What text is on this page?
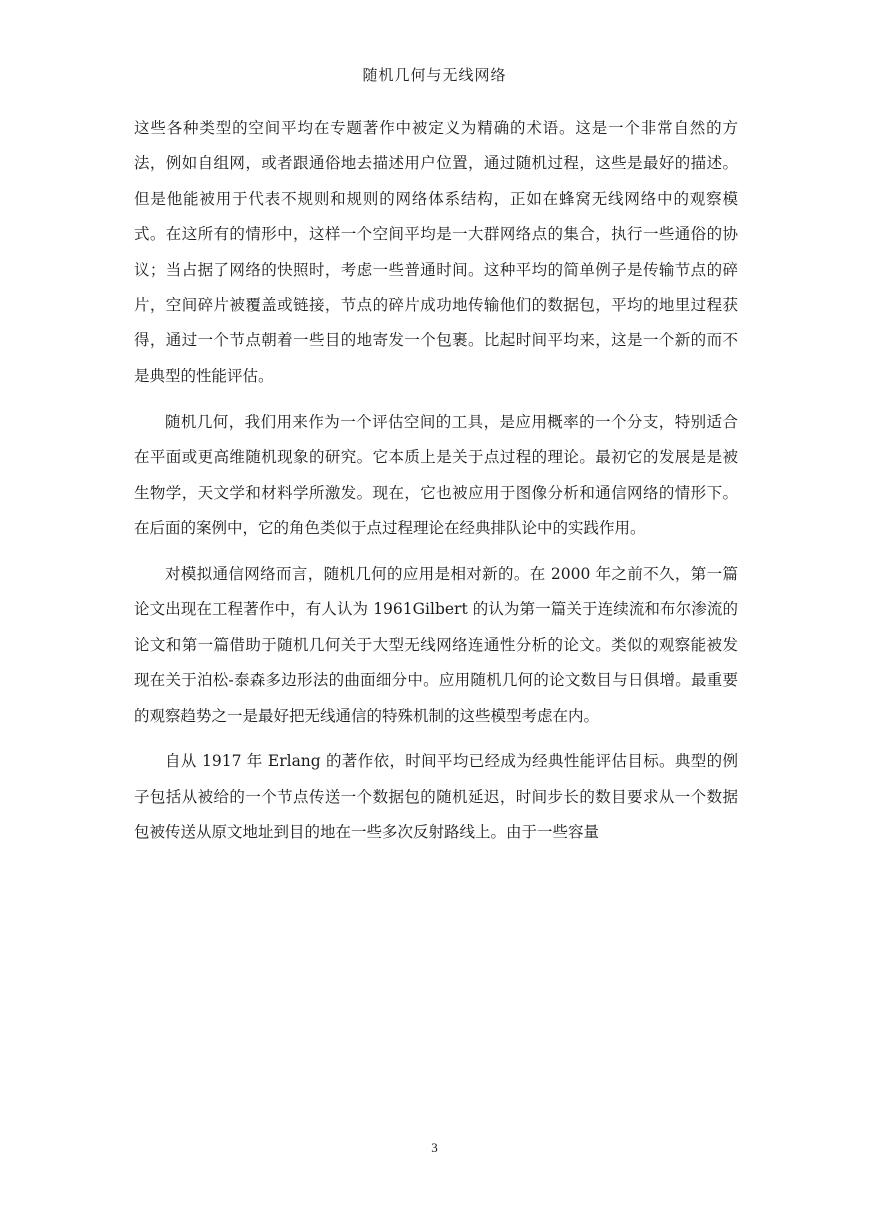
随机几何与无线网络

这些各种类型的空间平均在专题著作中被定义为精确的术语。这是一个非常自然的方法，例如自组网，或者跟通俗地去描述用户位置，通过随机过程，这些是最好的描述。但是他能被用于代表不规则和规则的网络体系结构，正如在蜂窝无线网络中的观察模式。在这所有的情形中，这样一个空间平均是一大群网络点的集合，执行一些通俗的协议；当占据了网络的快照时，考虑一些普通时间。这种平均的简单例子是传输节点的碎片，空间碎片被覆盖或链接，节点的碎片成功地传输他们的数据包，平均的地里过程获得，通过一个节点朝着一些目的地寄发一个包裹。比起时间平均来，这是一个新的而不是典型的性能评估。

随机几何，我们用来作为一个评估空间的工具，是应用概率的一个分支，特别适合在平面或更高维随机现象的研究。它本质上是关于点过程的理论。最初它的发展是是被生物学，天文学和材料学所激发。现在，它也被应用于图像分析和通信网络的情形下。在后面的案例中，它的角色类似于点过程理论在经典排队论中的实践作用。

对模拟通信网络而言，随机几何的应用是相对新的。在 2000 年之前不久，第一篇论文出现在工程著作中，有人认为 1961Gilbert 的认为第一篇关于连续流和布尔渗流的论文和第一篇借助于随机几何关于大型无线网络连通性分析的论文。类似的观察能被发现在关于泊松-泰森多边形法的曲面细分中。应用随机几何的论文数目与日俱增。最重要的观察趋势之一是最好把无线通信的特殊机制的这些模型考虑在内。

自从 1917 年 Erlang 的著作依，时间平均已经成为经典性能评估目标。典型的例子包括从被给的一个节点传送一个数据包的随机延迟，时间步长的数目要求从一个数据包被传送从原文地址到目的地在一些多次反射路线上。由于一些容量

3
